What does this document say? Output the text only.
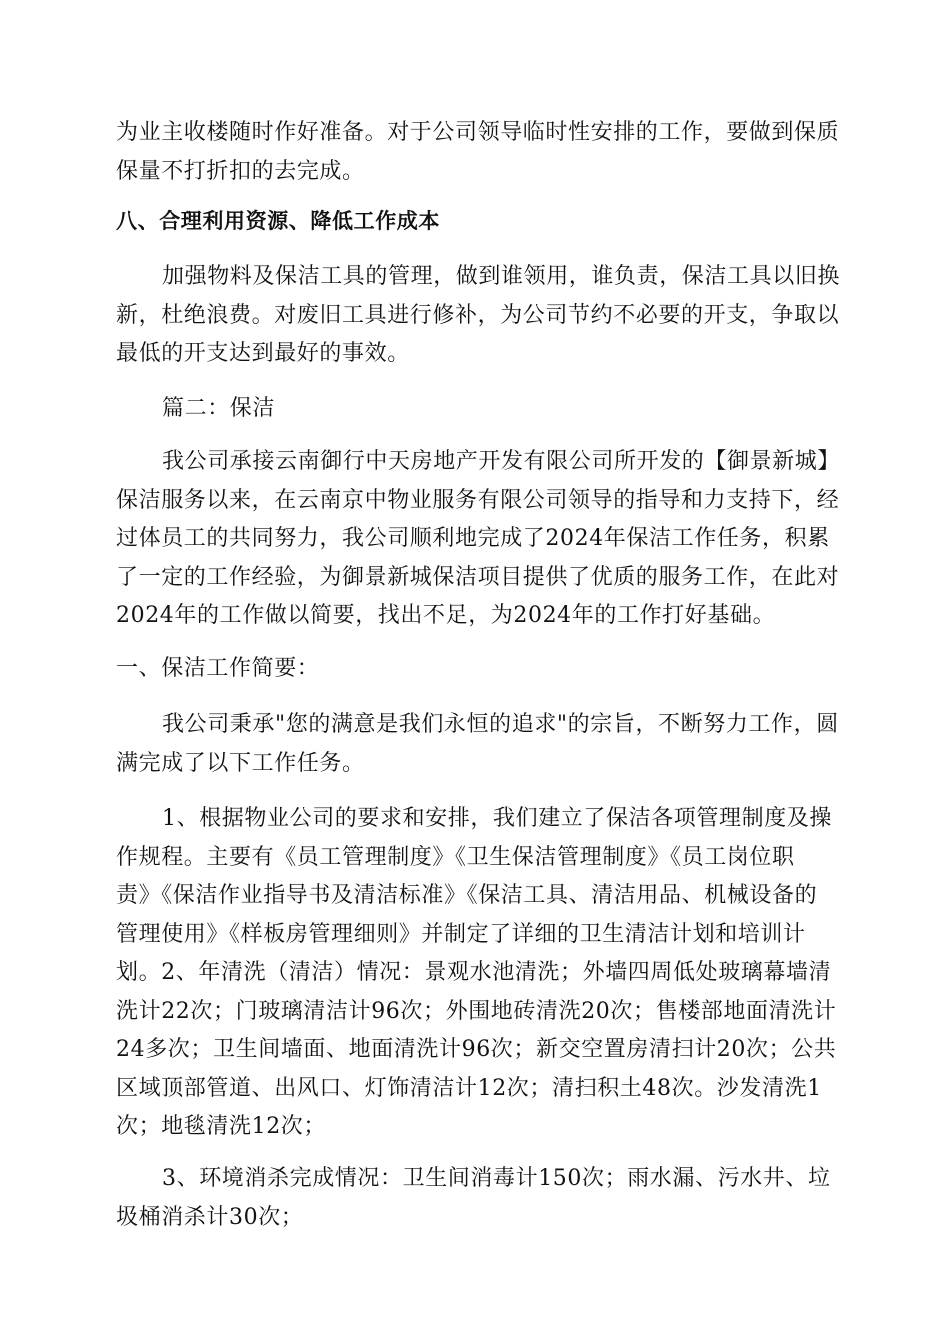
为业主收楼随时作好准备。对于公司领导临时性安排的工作，要做到保质
保量不打折扣的去完成。

八、合理利用资源、降低工作成本

加强物料及保洁工具的管理，做到谁领用，谁负责，保洁工具以旧换
新，杜绝浪费。对废旧工具进行修补，为公司节约不必要的开支，争取以
最低的开支达到最好的事效。

篇二：保洁

我公司承接云南御行中天房地产开发有限公司所开发的【御景新城】
保洁服务以来，在云南京中物业服务有限公司领导的指导和力支持下，经
过体员工的共同努力，我公司顺利地完成了2024年保洁工作任务，积累
了一定的工作经验，为御景新城保洁项目提供了优质的服务工作，在此对
2024年的工作做以简要，找出不足，为2024年的工作打好基础。

一、保洁工作简要：

我公司秉承"您的满意是我们永恒的追求"的宗旨，不断努力工作，圆
满完成了以下工作任务。

1、根据物业公司的要求和安排，我们建立了保洁各项管理制度及操
作规程。主要有《员工管理制度》《卫生保洁管理制度》《员工岗位职
责》《保洁作业指导书及清洁标准》《保洁工具、清洁用品、机械设备的
管理使用》《样板房管理细则》并制定了详细的卫生清洁计划和培训计
划。2、年清洗（清洁）情况：景观水池清洗；外墙四周低处玻璃幕墙清
洗计22次；门玻璃清洁计96次；外围地砖清洗20次；售楼部地面清洗计
24多次；卫生间墙面、地面清洗计96次；新交空置房清扫计20次；公共
区域顶部管道、出风口、灯饰清洁计12次；清扫积土48次。沙发清洗1
次；地毯清洗12次；

3、环境消杀完成情况：卫生间消毒计150次；雨水漏、污水井、垃
圾桶消杀计30次；
